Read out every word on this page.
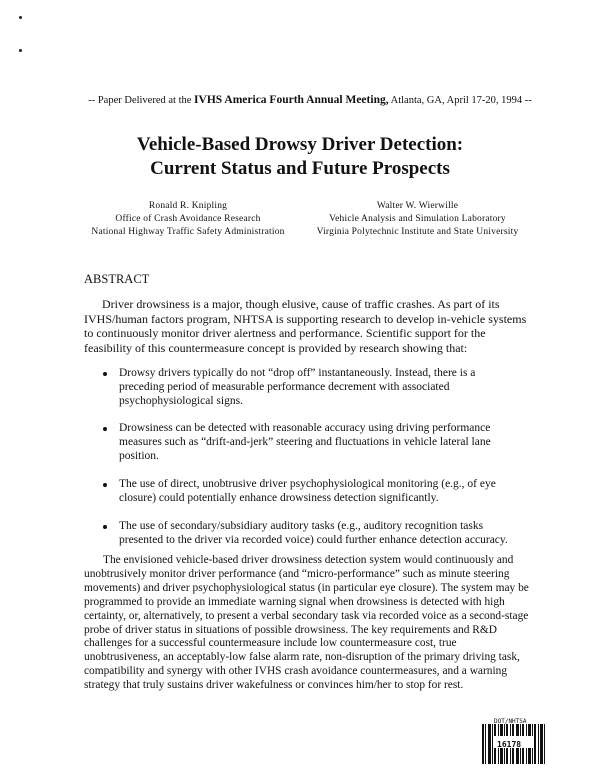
-- Paper Delivered at the IVHS America Fourth Annual Meeting, Atlanta, GA, April 17-20, 1994 --
Vehicle-Based Drowsy Driver Detection:
Current Status and Future Prospects
Ronald R. Knipling
Office of Crash Avoidance Research
National Highway Traffic Safety Administration
Walter W. Wierwille
Vehicle Analysis and Simulation Laboratory
Virginia Polytechnic Institute and State University
ABSTRACT
Driver drowsiness is a major, though elusive, cause of traffic crashes. As part of its IVHS/human factors program, NHTSA is supporting research to develop in-vehicle systems to continuously monitor driver alertness and performance. Scientific support for the feasibility of this countermeasure concept is provided by research showing that:
Drowsy drivers typically do not “drop off” instantaneously. Instead, there is a preceding period of measurable performance decrement with associated psychophysiological signs.
Drowsiness can be detected with reasonable accuracy using driving performance measures such as “drift-and-jerk” steering and fluctuations in vehicle lateral lane position.
The use of direct, unobtrusive driver psychophysiological monitoring (e.g., of eye closure) could potentially enhance drowsiness detection significantly.
The use of secondary/subsidiary auditory tasks (e.g., auditory recognition tasks presented to the driver via recorded voice) could further enhance detection accuracy.
The envisioned vehicle-based driver drowsiness detection system would continuously and unobtrusively monitor driver performance (and “micro-performance” such as minute steering movements) and driver psychophysiological status (in particular eye closure). The system may be programmed to provide an immediate warning signal when drowsiness is detected with high certainty, or, alternatively, to present a verbal secondary task via recorded voice as a second-stage probe of driver status in situations of possible drowsiness. The key requirements and R&D challenges for a successful countermeasure include low countermeasure cost, true unobtrusiveness, an acceptably-low false alarm rate, non-disruption of the primary driving task, compatibility and synergy with other IVHS crash avoidance countermeasures, and a warning strategy that truly sustains driver wakefulness or convinces him/her to stop for rest.
DOT/NHTSA
16178
